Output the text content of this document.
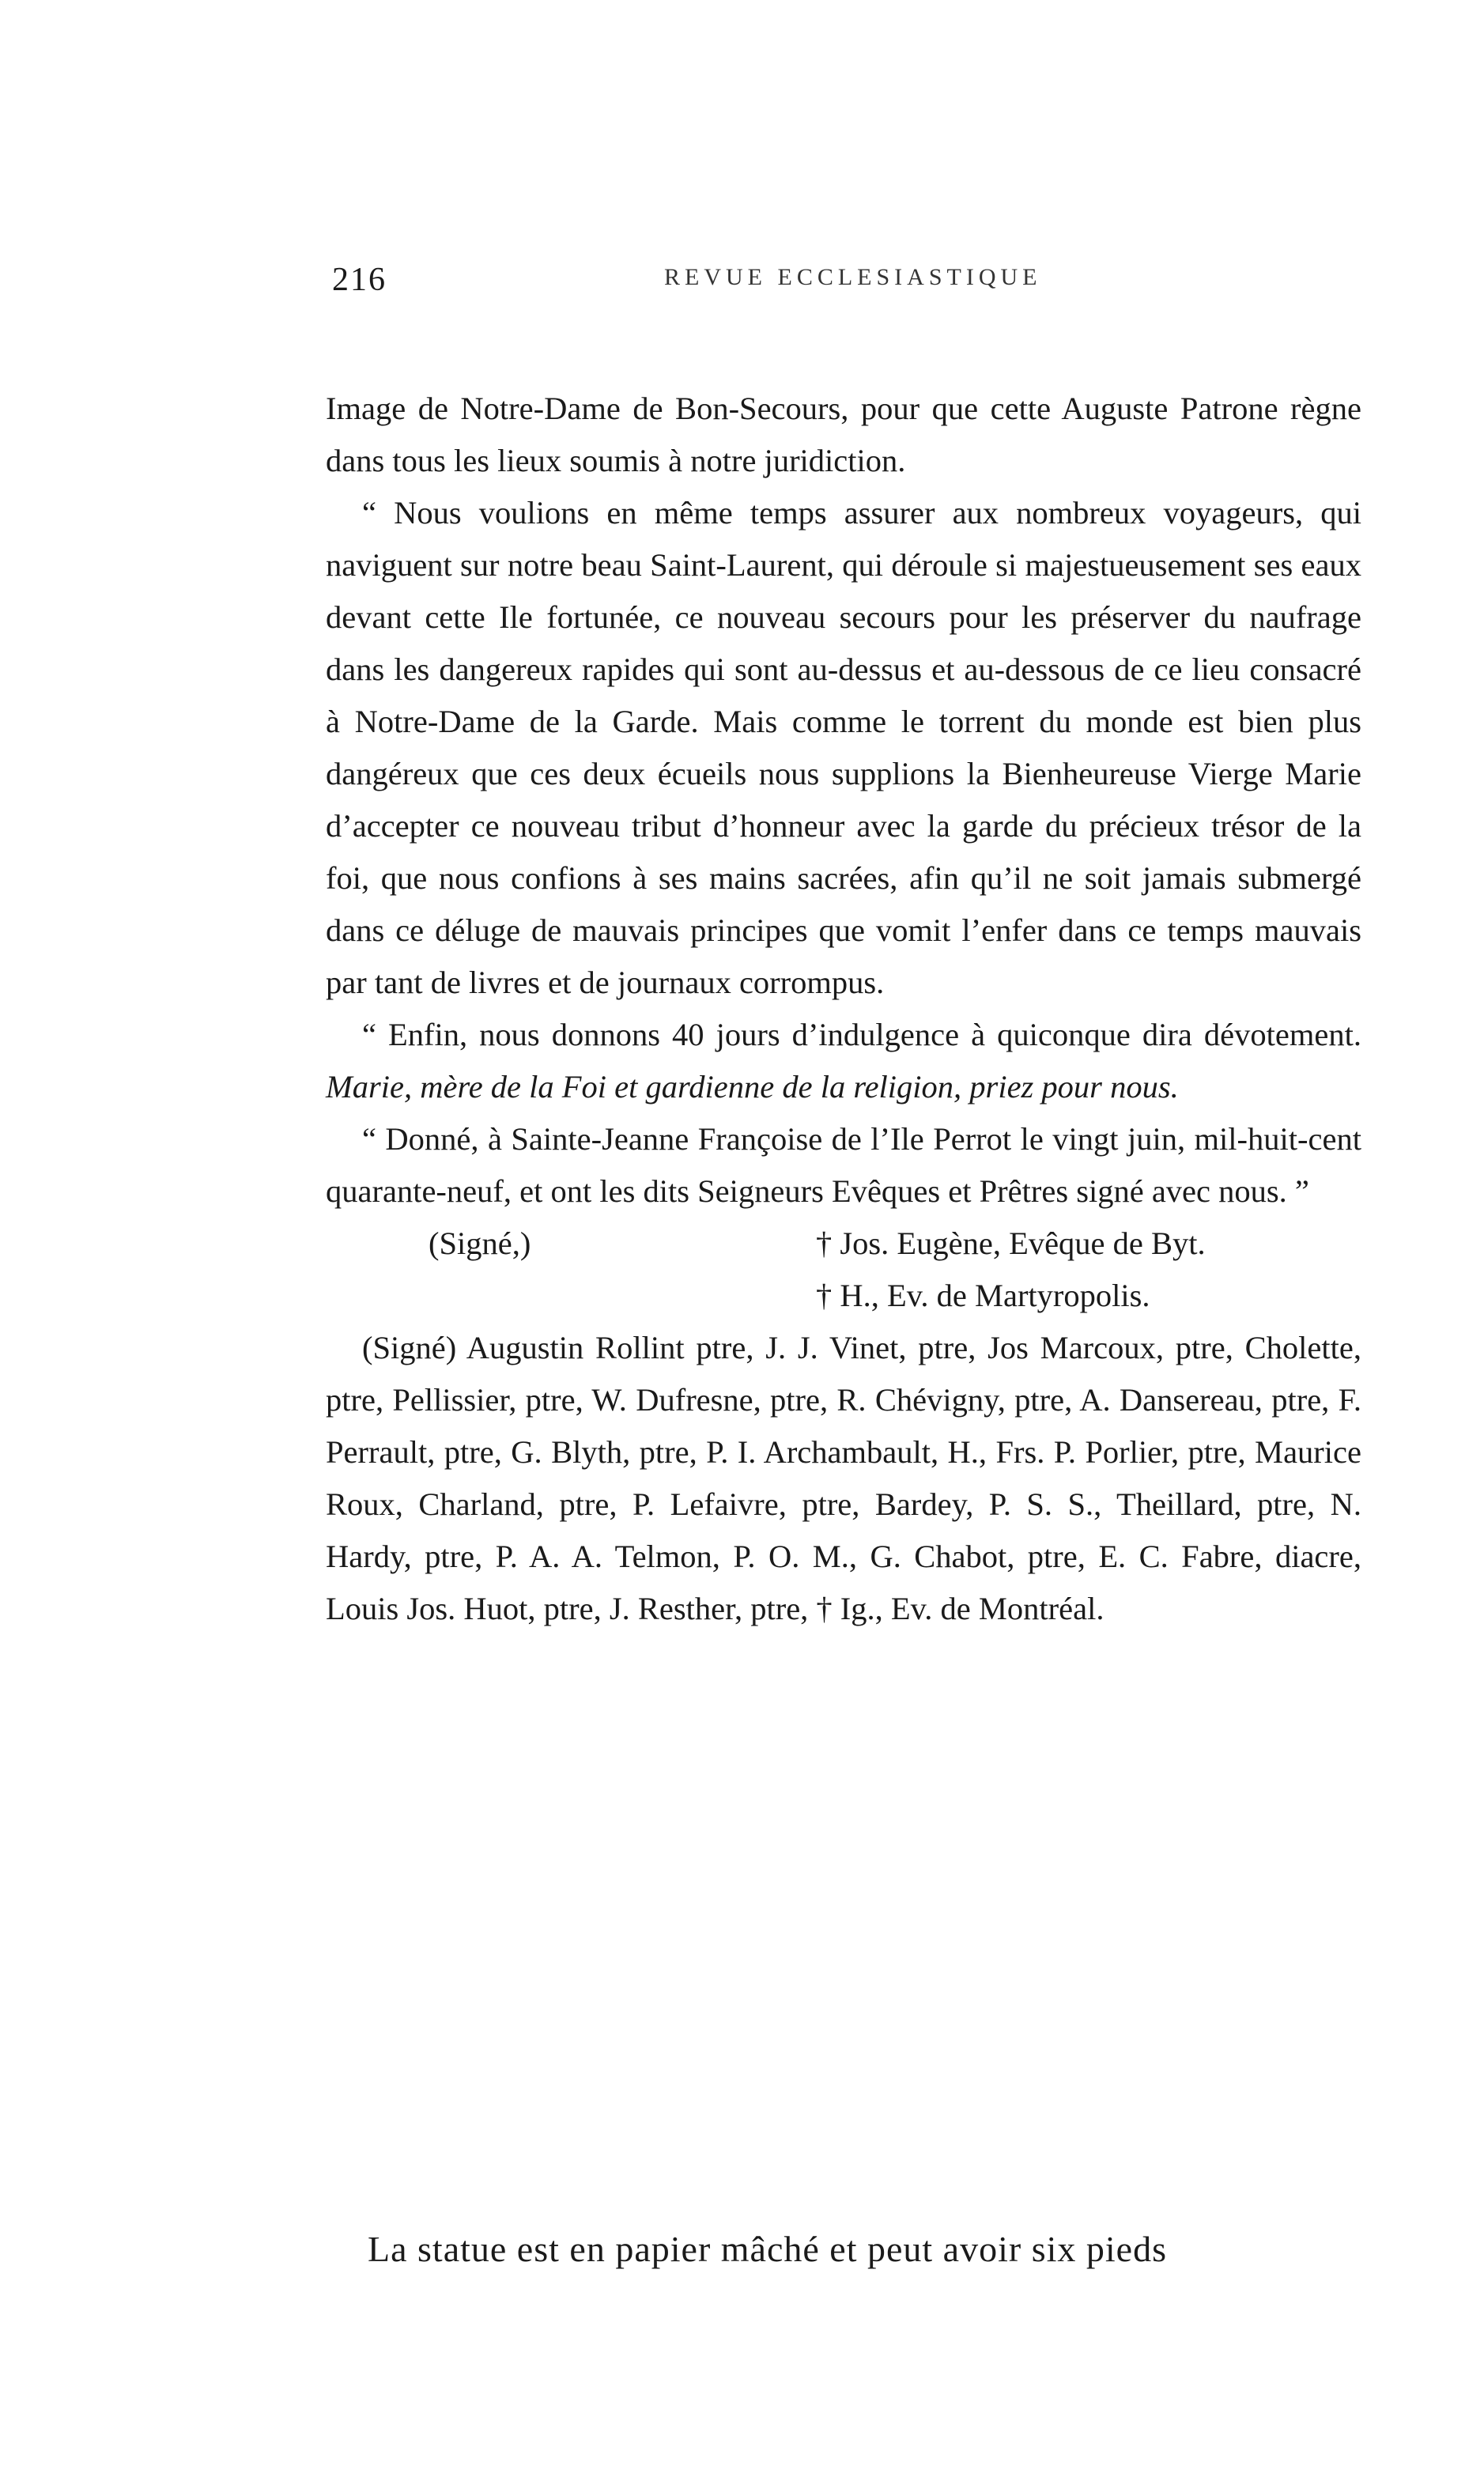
216	REVUE ECCLESIASTIQUE

Image de Notre-Dame de Bon-Secours, pour que cette Auguste Patrone règne dans tous les lieux soumis à notre juridiction.

“ Nous voulions en même temps assurer aux nombreux voyageurs, qui naviguent sur notre beau Saint-Laurent, qui déroule si majestueusement ses eaux devant cette Ile fortunée, ce nouveau secours pour les préserver du naufrage dans les dangereux rapides qui sont au-dessus et au-dessous de ce lieu consacré à Notre-Dame de la Garde. Mais comme le torrent du monde est bien plus dangéreux que ces deux écueils nous supplions la Bienheureuse Vierge Marie d’accepter ce nouveau tribut d’honneur avec la garde du précieux trésor de la foi, que nous confions à ses mains sacrées, afin qu’il ne soit jamais submergé dans ce déluge de mauvais principes que vomit l’enfer dans ce temps mauvais par tant de livres et de journaux corrompus.

“ Enfin, nous donnons 40 jours d’indulgence à quiconque dira dévotement. Marie, mère de la Foi et gardienne de la religion, priez pour nous.

“ Donné, à Sainte-Jeanne Françoise de l’Ile Perrot le vingt juin, mil-huit-cent quarante-neuf, et ont les dits Seigneurs Evêques et Prêtres signé avec nous. ”

(Signé,)	† Jos. Eugène, Evêque de Byt.
† H., Ev. de Martyropolis.

(Signé) Augustin Rollint ptre, J. J. Vinet, ptre, Jos Marcoux, ptre, Cholette, ptre, Pellissier, ptre, W. Dufresne, ptre, R. Chévigny, ptre, A. Dansereau, ptre, F. Perrault, ptre, G. Blyth, ptre, P. I. Archambault, H., Frs. P. Porlier, ptre, Maurice Roux, Charland, ptre, P. Lefaivre, ptre, Bardey, P. S. S., Theillard, ptre, N. Hardy, ptre, P. A. A. Telmon, P. O. M., G. Chabot, ptre, E. C. Fabre, diacre, Louis Jos. Huot, ptre, J. Resther, ptre, † Ig., Ev. de Montréal.

La statue est en papier mâché et peut avoir six pieds
